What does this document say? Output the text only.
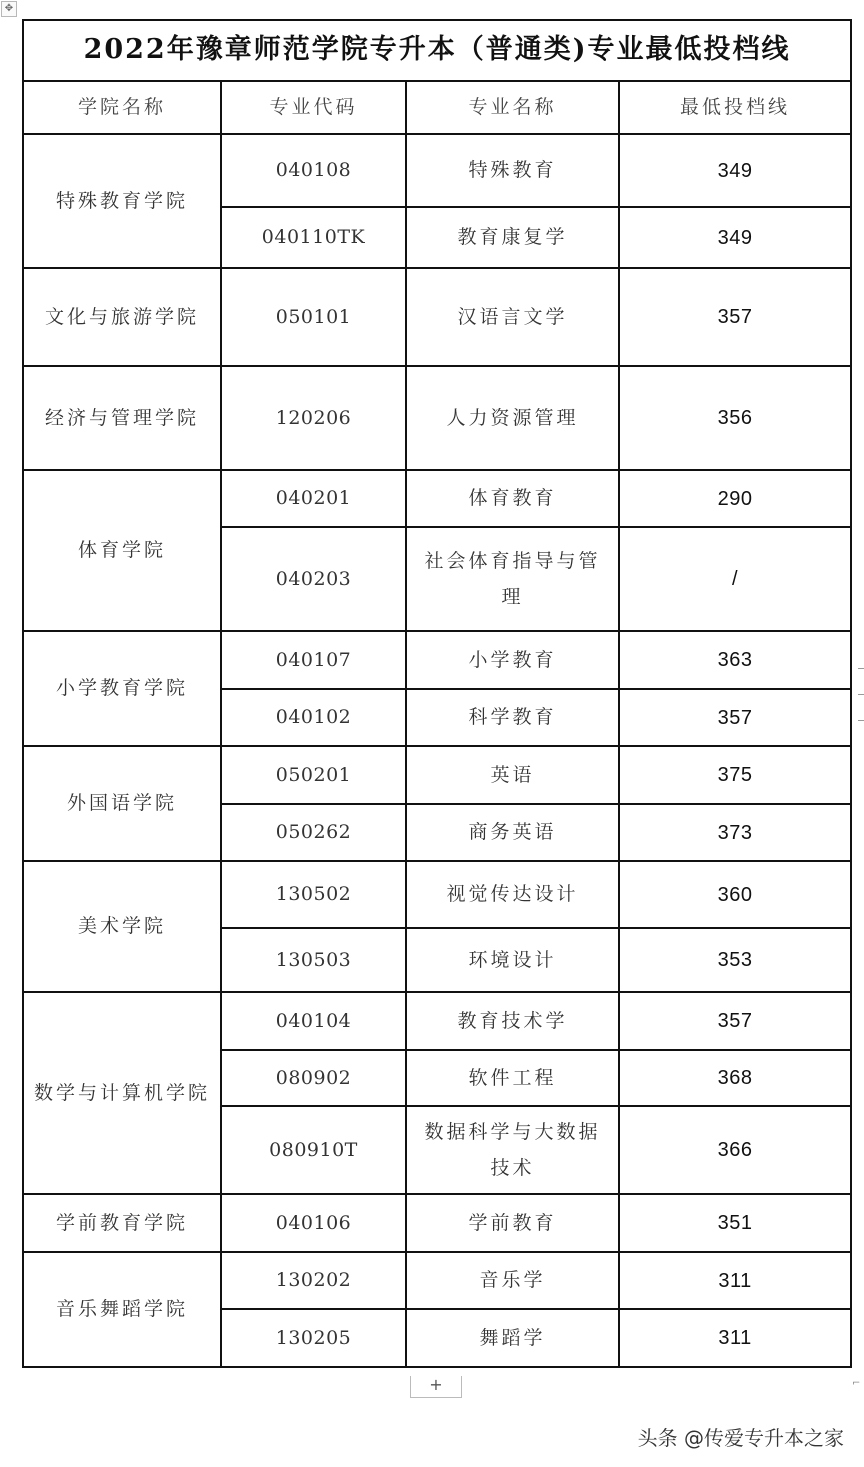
✥
2022年豫章师范学院专升本（普通类)专业最低投档线			
学院名称	专业代码	专业名称	最低投档线
特殊教育学院	040108	特殊教育	349
	040110TK	教育康复学	349
文化与旅游学院	050101	汉语言文学	357
经济与管理学院	120206	人力资源管理	356
体育学院	040201	体育教育	290
	040203	社会体育指导与管理	/
小学教育学院	040107	小学教育	363
	040102	科学教育	357
外国语学院	050201	英语	375
	050262	商务英语	373
美术学院	130502	视觉传达设计	360
	130503	环境设计	353
数学与计算机学院	040104	教育技术学	357
	080902	软件工程	368
	080910T	数据科学与大数据技术	366
学前教育学院	040106	学前教育	351
音乐舞蹈学院	130202	音乐学	311
	130205	舞蹈学	311
+	⌐
头条 @传爱专升本之家
